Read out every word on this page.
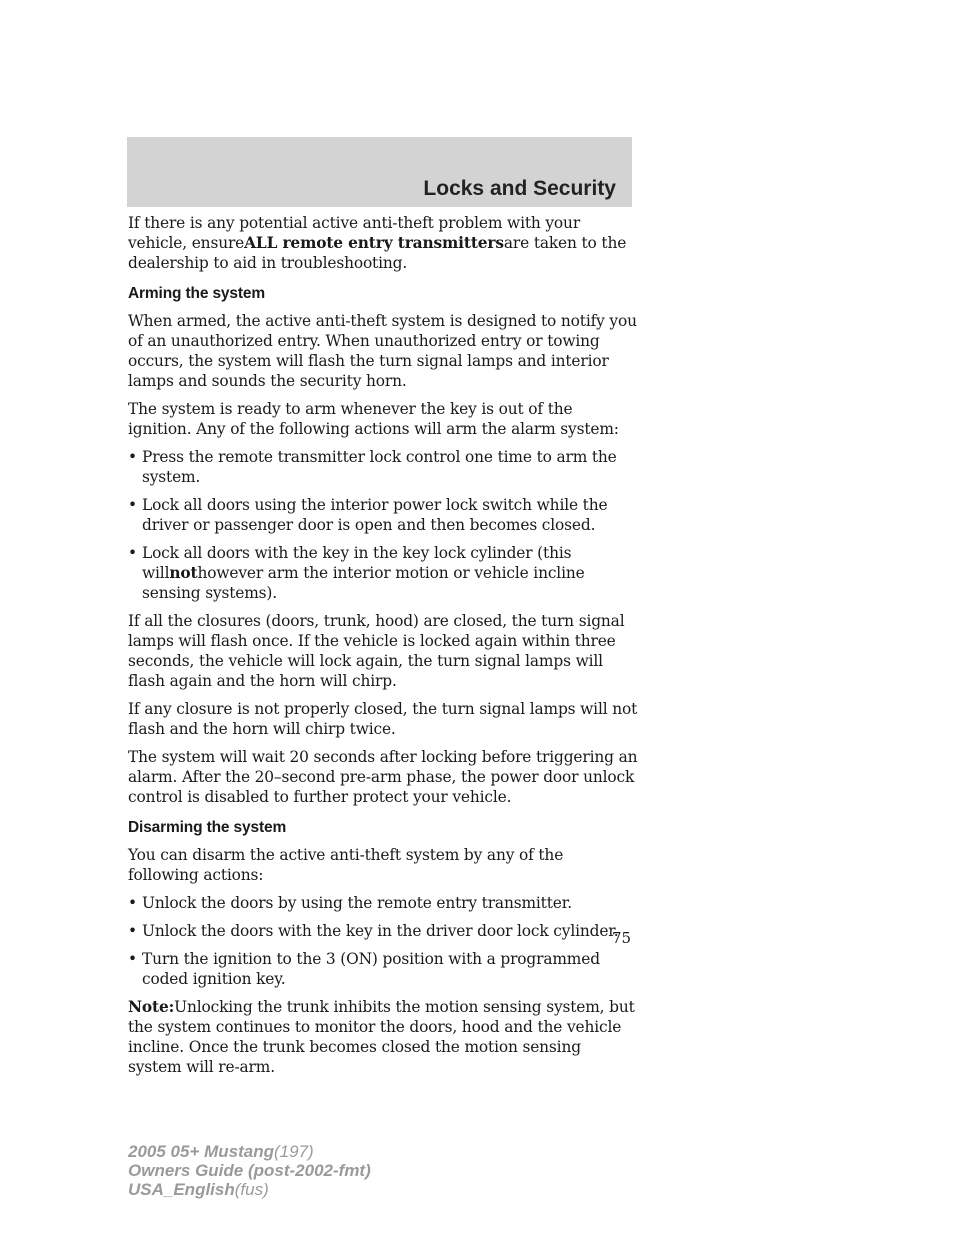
Locks and Security

If there is any potential active anti-theft problem with your vehicle, ensureALL remote entry transmittersare taken to the dealership to aid in troubleshooting.

Arming the system

When armed, the active anti-theft system is designed to notify you of an unauthorized entry. When unauthorized entry or towing occurs, the system will flash the turn signal lamps and interior lamps and sounds the security horn.

The system is ready to arm whenever the key is out of the ignition. Any of the following actions will arm the alarm system:

• Press the remote transmitter lock control one time to arm the system.
• Lock all doors using the interior power lock switch while the driver or passenger door is open and then becomes closed.
• Lock all doors with the key in the key lock cylinder (this willnothowever arm the interior motion or vehicle incline sensing systems).

If all the closures (doors, trunk, hood) are closed, the turn signal lamps will flash once. If the vehicle is locked again within three seconds, the vehicle will lock again, the turn signal lamps will flash again and the horn will chirp.

If any closure is not properly closed, the turn signal lamps will not flash and the horn will chirp twice.

The system will wait 20 seconds after locking before triggering an alarm. After the 20–second pre-arm phase, the power door unlock control is disabled to further protect your vehicle.

Disarming the system

You can disarm the active anti-theft system by any of the following actions:

• Unlock the doors by using the remote entry transmitter.
• Unlock the doors with the key in the driver door lock cylinder.
• Turn the ignition to the 3 (ON) position with a programmed coded ignition key.

Note:Unlocking the trunk inhibits the motion sensing system, but the system continues to monitor the doors, hood and the vehicle incline. Once the trunk becomes closed the motion sensing system will re-arm.

75
2005 05+ Mustang(197)
Owners Guide (post-2002-fmt)
USA_English(fus)
